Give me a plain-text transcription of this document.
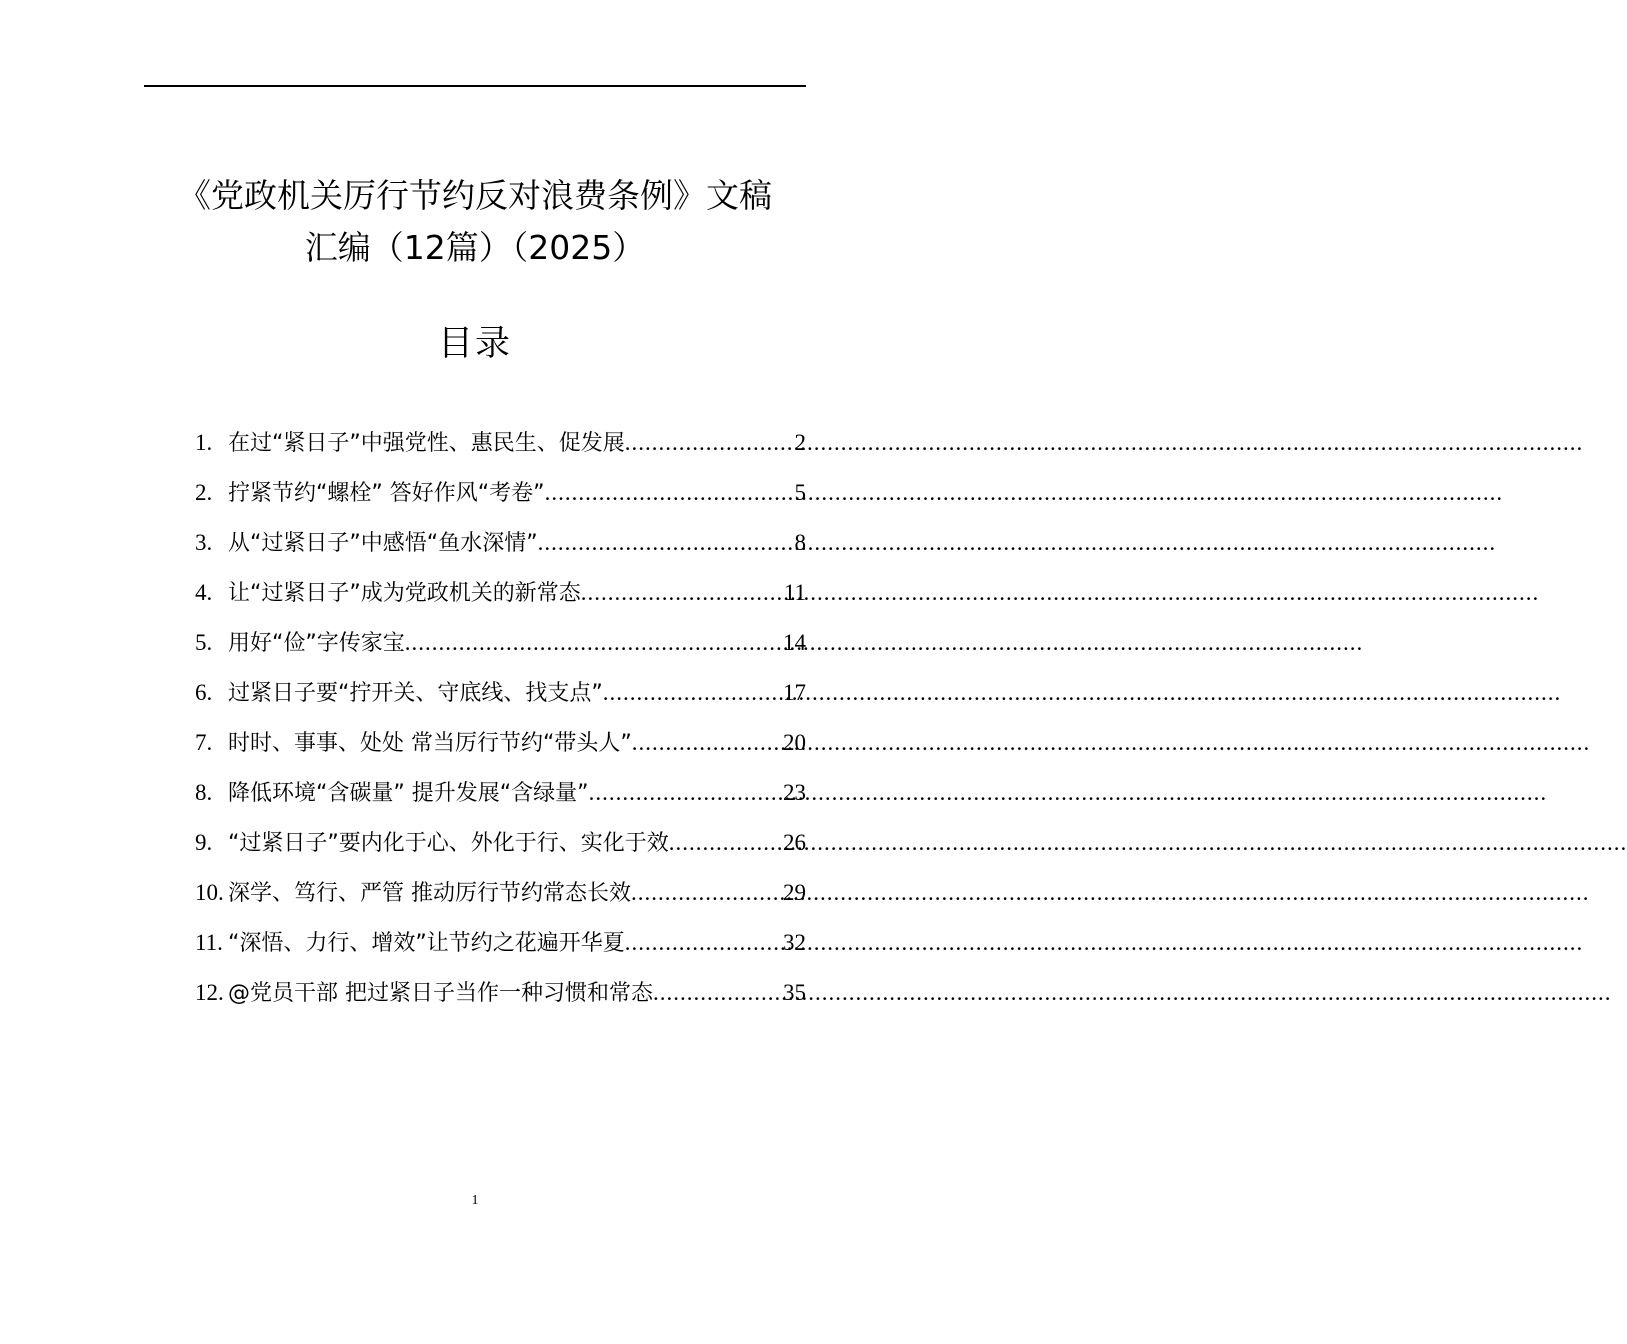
《党政机关厉行节约反对浪费条例》文稿
汇编（12篇）（2025）
目录
1. 在过“紧日子”中强党性、惠民生、促发展 .....	2
2. 拧紧节约“螺栓” 答好作风“考卷” .....	5
3. 从“过紧日子”中感悟“鱼水深情” .....	8
4. 让“过紧日子”成为党政机关的新常态 .....	11
5. 用好“俭”字传家宝 .....	14
6. 过紧日子要“拧开关、守底线、找支点” .....	17
7. 时时、事事、处处 常当厉行节约“带头人” .....	20
8. 降低环境“含碳量” 提升发展“含绿量” .....	23
9. “过紧日子”要内化于心、外化于行、实化于效 .....	26
10. 深学、笃行、严管 推动厉行节约常态长效 .....	29
11. “深悟、力行、增效”让节约之花遍开华夏 .....	32
12. @党员干部 把过紧日子当作一种习惯和常态 .....	35
1
